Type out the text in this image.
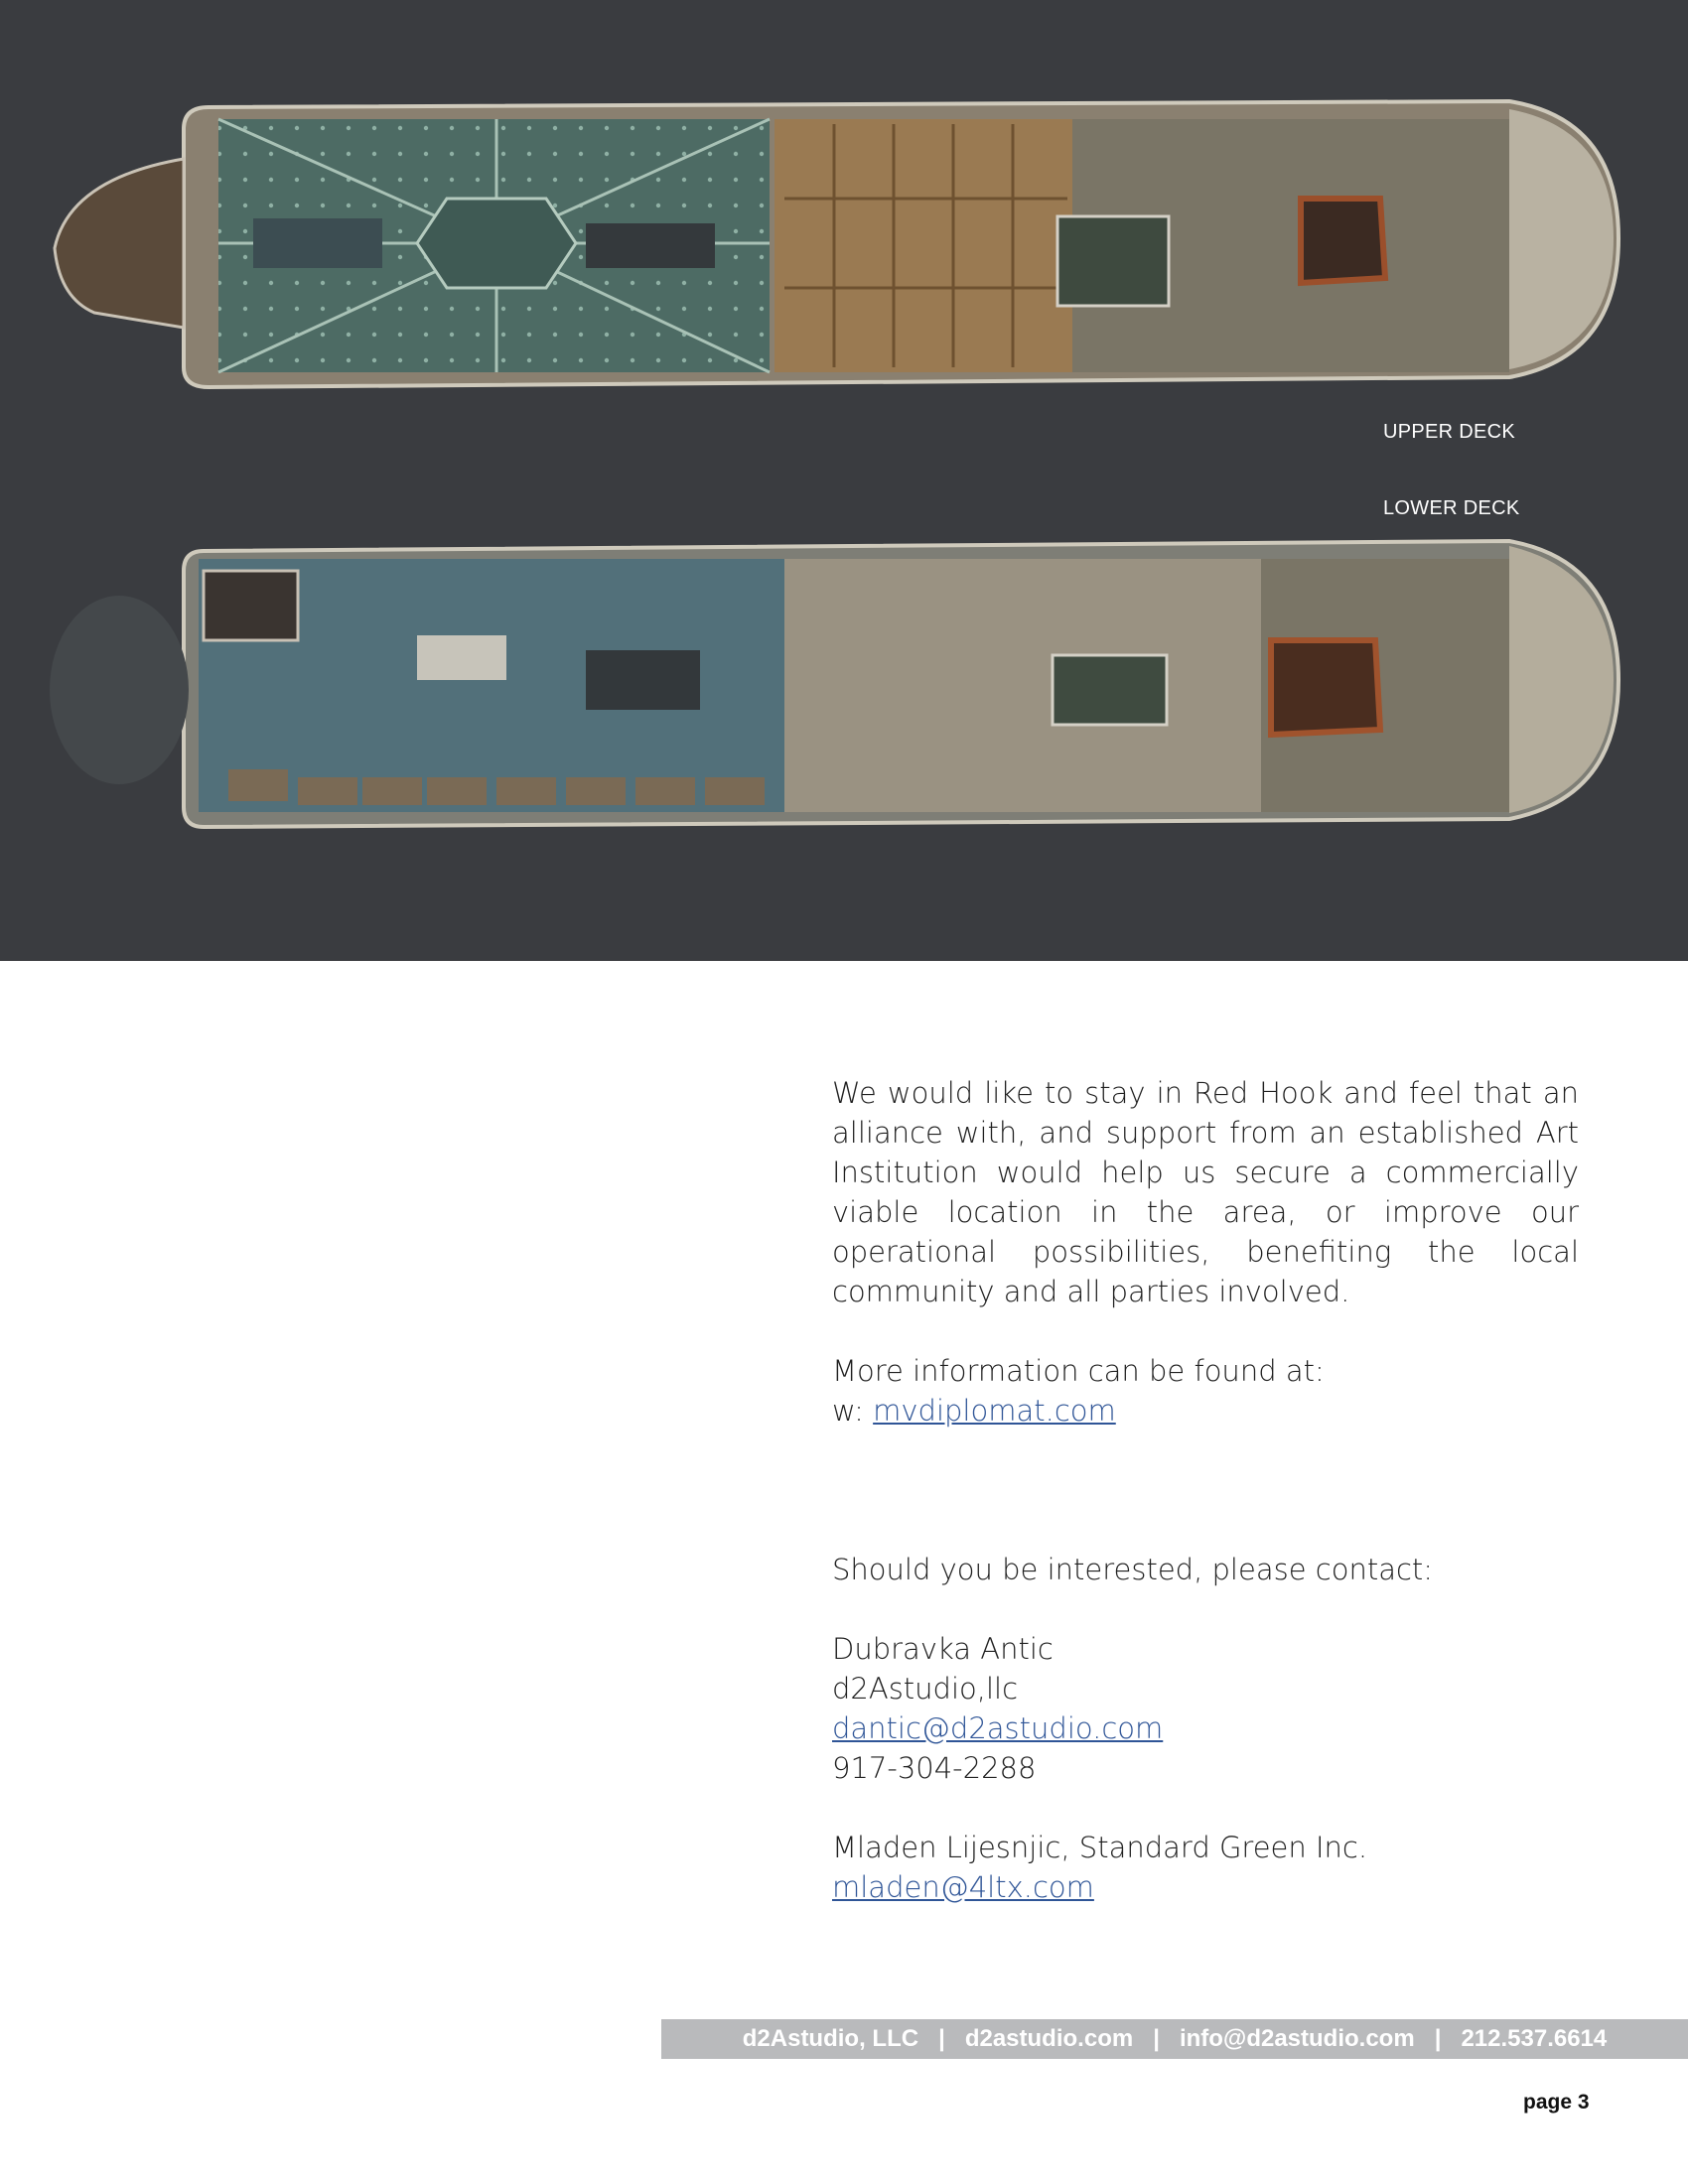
UPPER DECK
LOWER DECK
We would like to stay in Red Hook and feel that an alliance with, and support from an established Art Institution would help us secure a commercially viable location in the area, or improve our operational possibilities, benefiting the local community and all parties involved.
More information can be found at:
w: mvdiplomat.com
Should you be interested, please contact:
Dubravka Antic
d2Astudio,llc
dantic@d2astudio.com
917-304-2288
Mladen Lijesnjic, Standard Green Inc.
mladen@4ltx.com
d2Astudio, LLC | d2astudio.com | info@d2astudio.com | 212.537.6614
page 3
